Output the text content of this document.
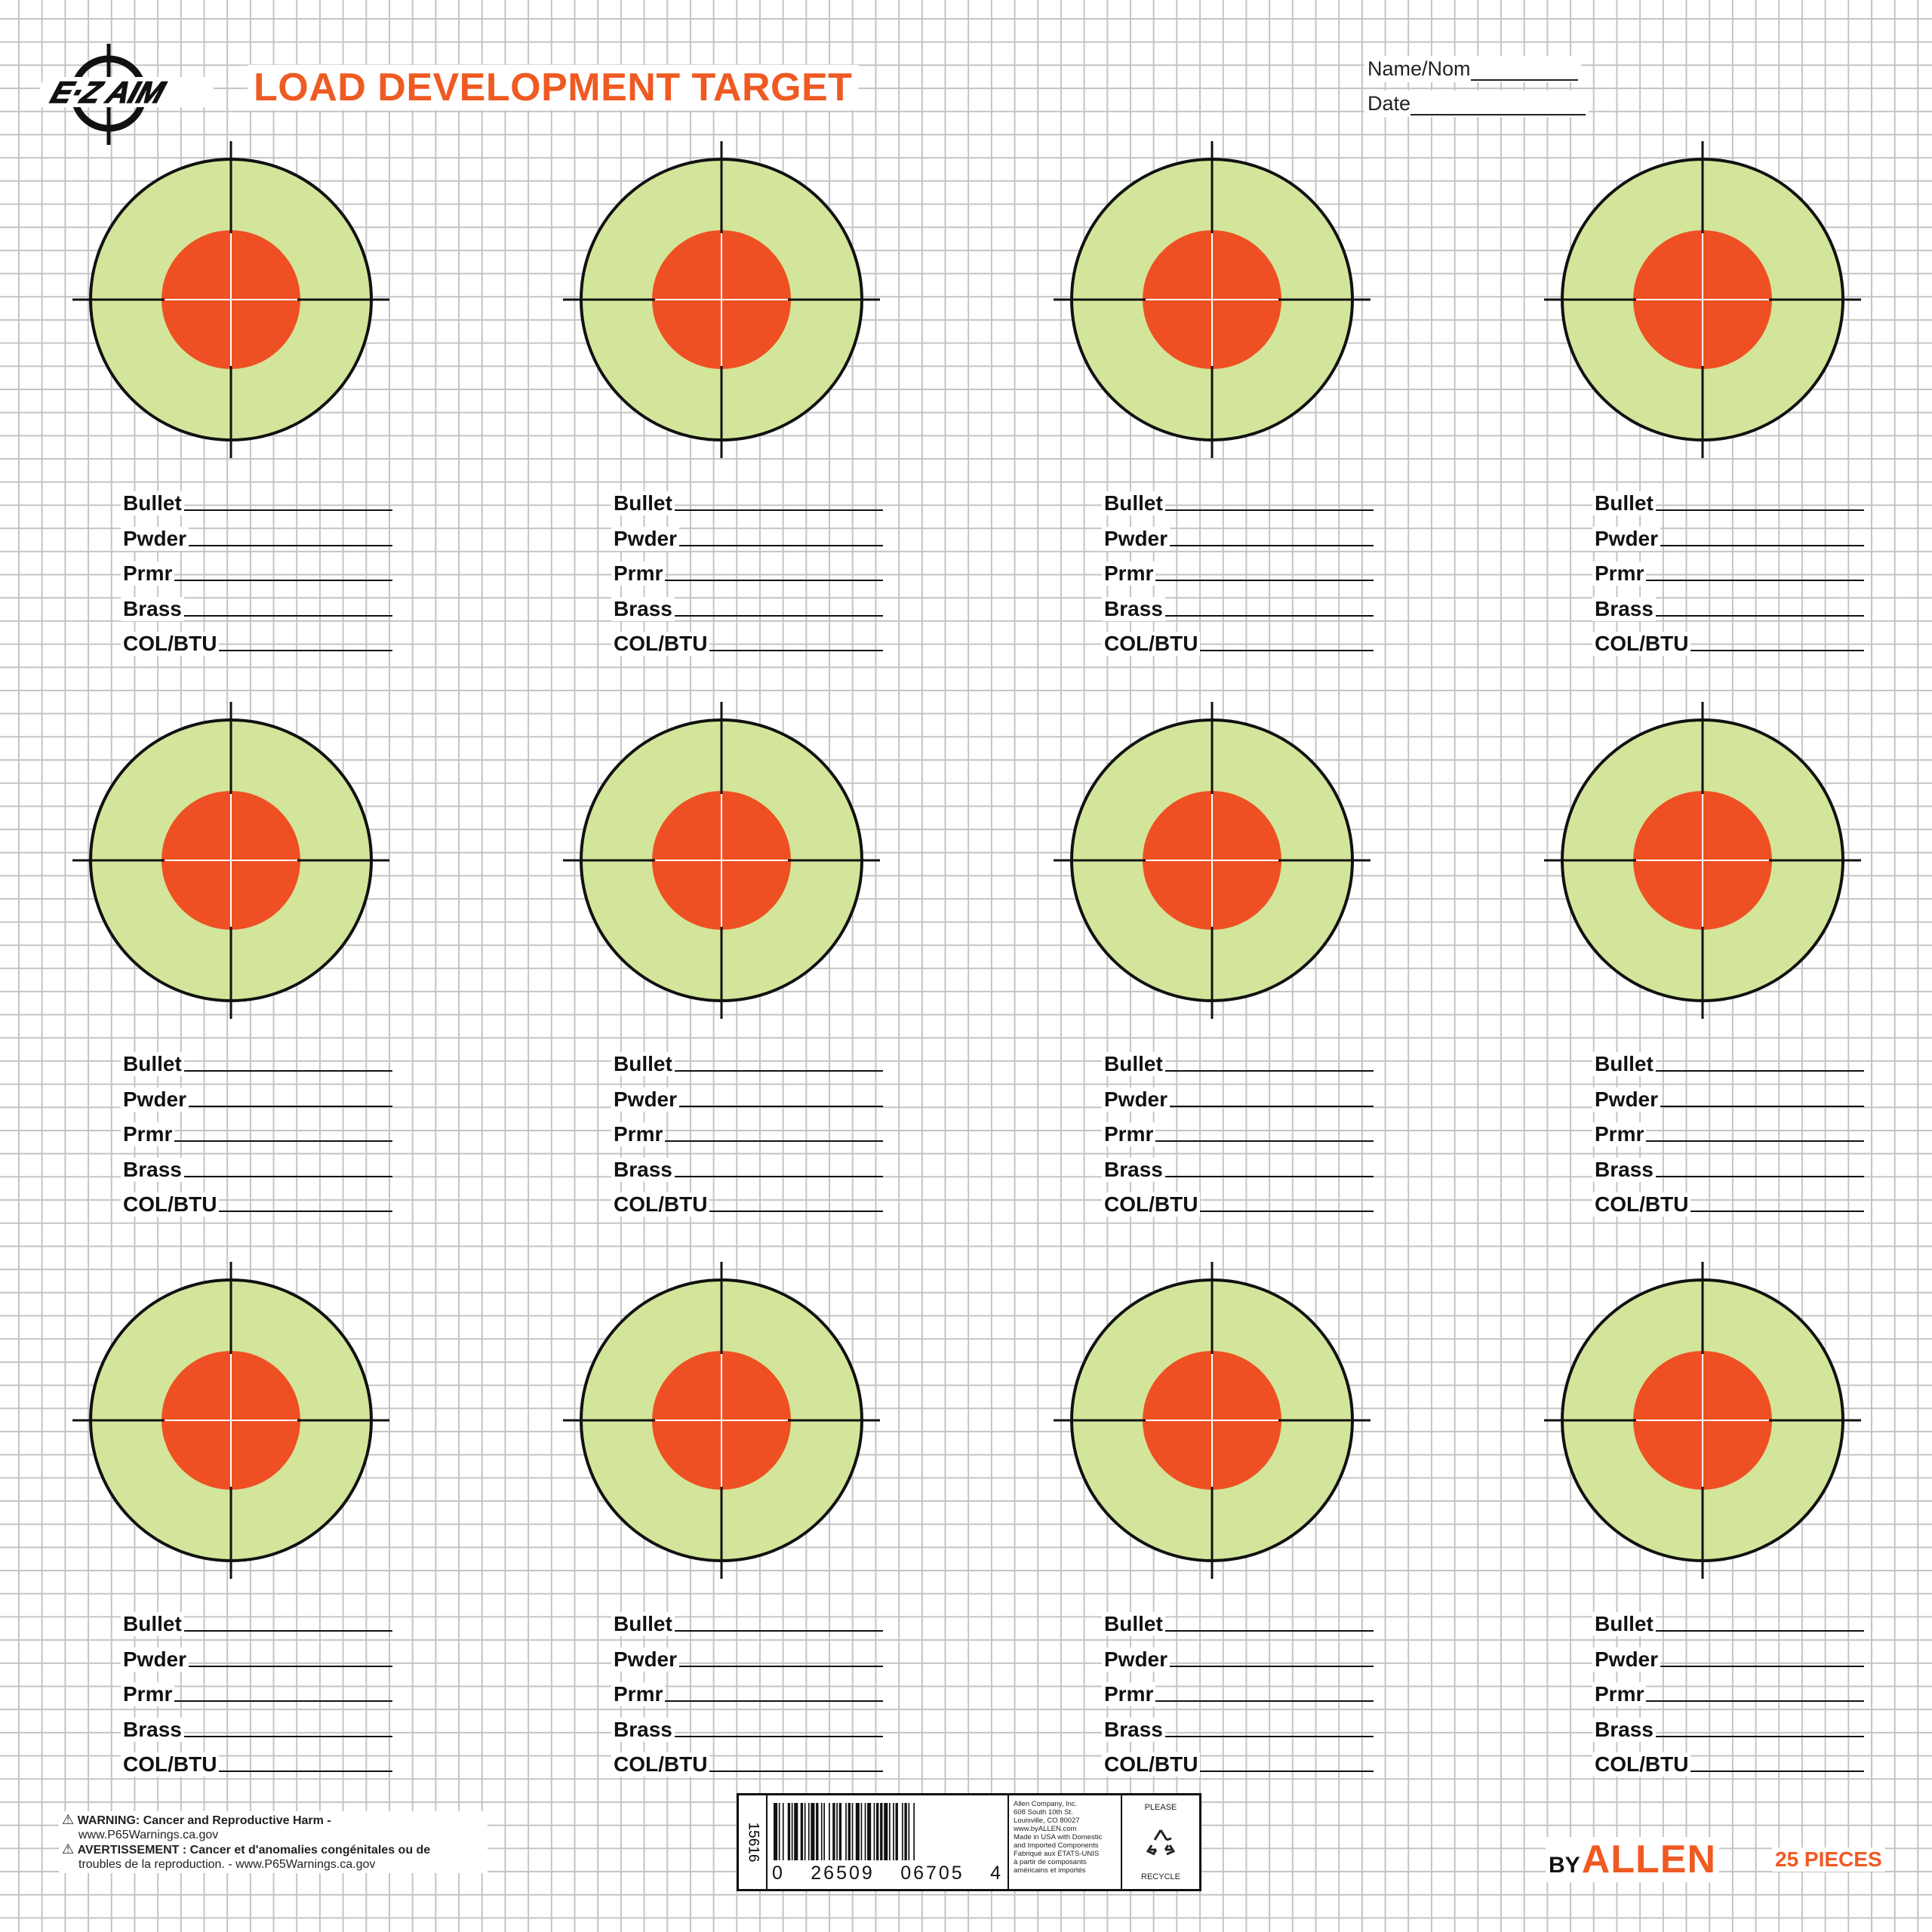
E·Z AIM LOAD DEVELOPMENT TARGET	Name/Nom
Date
Bullet
Pwder
Prmr
Brass
COL/BTU
Bullet
Pwder
Prmr
Brass
COL/BTU
Bullet
Pwder
Prmr
Brass
COL/BTU
Bullet
Pwder
Prmr
Brass
COL/BTU
Bullet
Pwder
Prmr
Brass
COL/BTU
Bullet
Pwder
Prmr
Brass
COL/BTU
Bullet
Pwder
Prmr
Brass
COL/BTU
Bullet
Pwder
Prmr
Brass
COL/BTU
Bullet
Pwder
Prmr
Brass
COL/BTU
Bullet
Pwder
Prmr
Brass
COL/BTU
Bullet
Pwder
Prmr
Brass
COL/BTU
Bullet
Pwder
Prmr
Brass
COL/BTU
⚠ WARNING: Cancer and Reproductive Harm -
www.P65Warnings.ca.gov
⚠ AVERTISSEMENT : Cancer et d'anomalies congénitales ou de
troubles de la reproduction. - www.P65Warnings.ca.gov
15616
0 26509 06705 4
Allen Company, Inc.
608 South 10th St.
Louisville, CO 80027
www.byALLEN.com
Made in USA with Domestic
and Imported Components
Fabriqué aux ÉTATS-UNIS
à partir de composants
américains et importés
PLEASE
RECYCLE	BY ALLEN	25 PIECES
